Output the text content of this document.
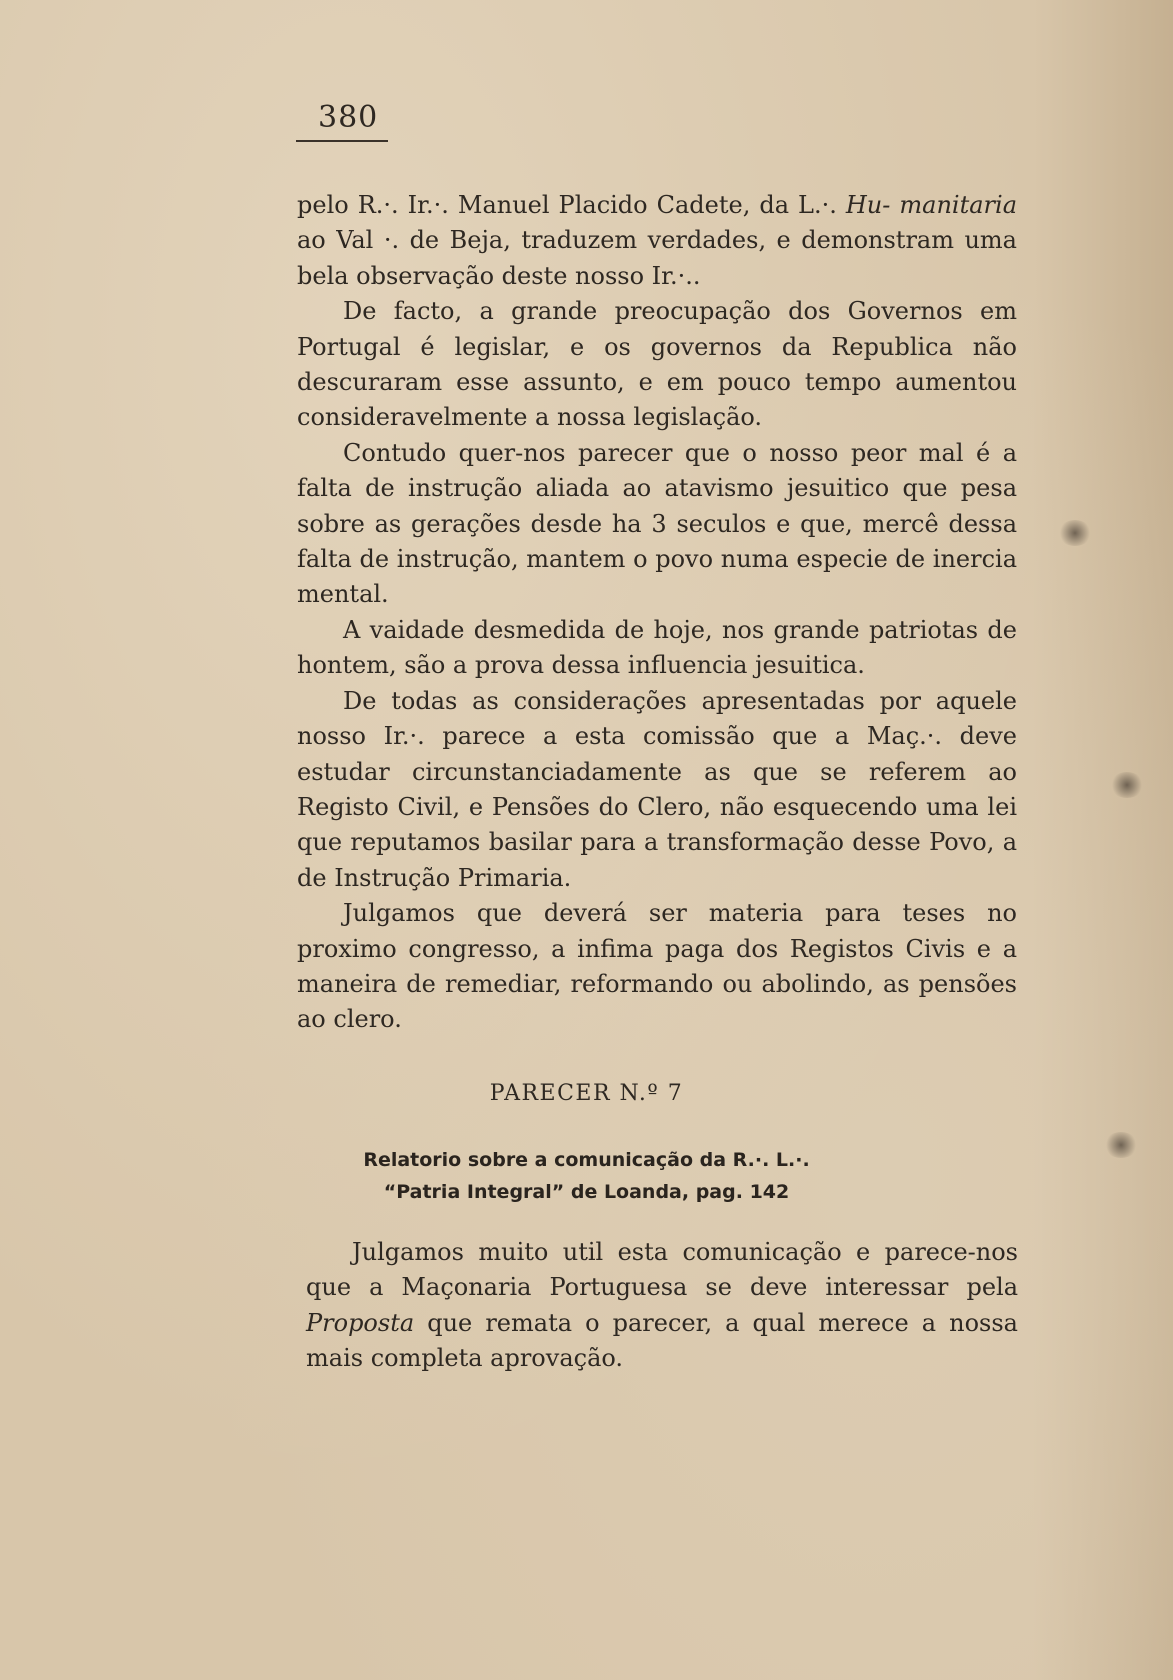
380

pelo R.·. Ir.·. Manuel Placido Cadete, da L.·. Hu- manitaria ao Val ·. de Beja, traduzem verdades, e demonstram uma bela observação deste nosso Ir.·..

De facto, a grande preocupação dos Governos em Portugal é legislar, e os governos da Republica não descuraram esse assunto, e em pouco tempo aumentou consideravelmente a nossa legislação.

Contudo quer-nos parecer que o nosso peor mal é a falta de instrução aliada ao atavismo jesuitico que pesa sobre as gerações desde ha 3 seculos e que, mercê dessa falta de instrução, mantem o povo numa especie de inercia mental.

A vaidade desmedida de hoje, nos grande patriotas de hontem, são a prova dessa influencia jesuitica.

De todas as considerações apresentadas por aquele nosso Ir.·. parece a esta comissão que a Maç.·. deve estudar circunstanciadamente as que se referem ao Registo Civil, e Pensões do Clero, não esquecendo uma lei que reputamos basilar para a transformação desse Povo, a de Instrução Primaria.

Julgamos que deverá ser materia para teses no proximo congresso, a infima paga dos Registos Civis e a maneira de remediar, reformando ou abolindo, as pensões ao clero.

PARECER N.º 7
Relatorio sobre a comunicação da R.·. L.·.
“Patria Integral” de Loanda, pag. 142

Julgamos muito util esta comunicação e parece-nos que a Maçonaria Portuguesa se deve interessar pela Proposta que remata o parecer, a qual merece a nossa mais completa aprovação.
